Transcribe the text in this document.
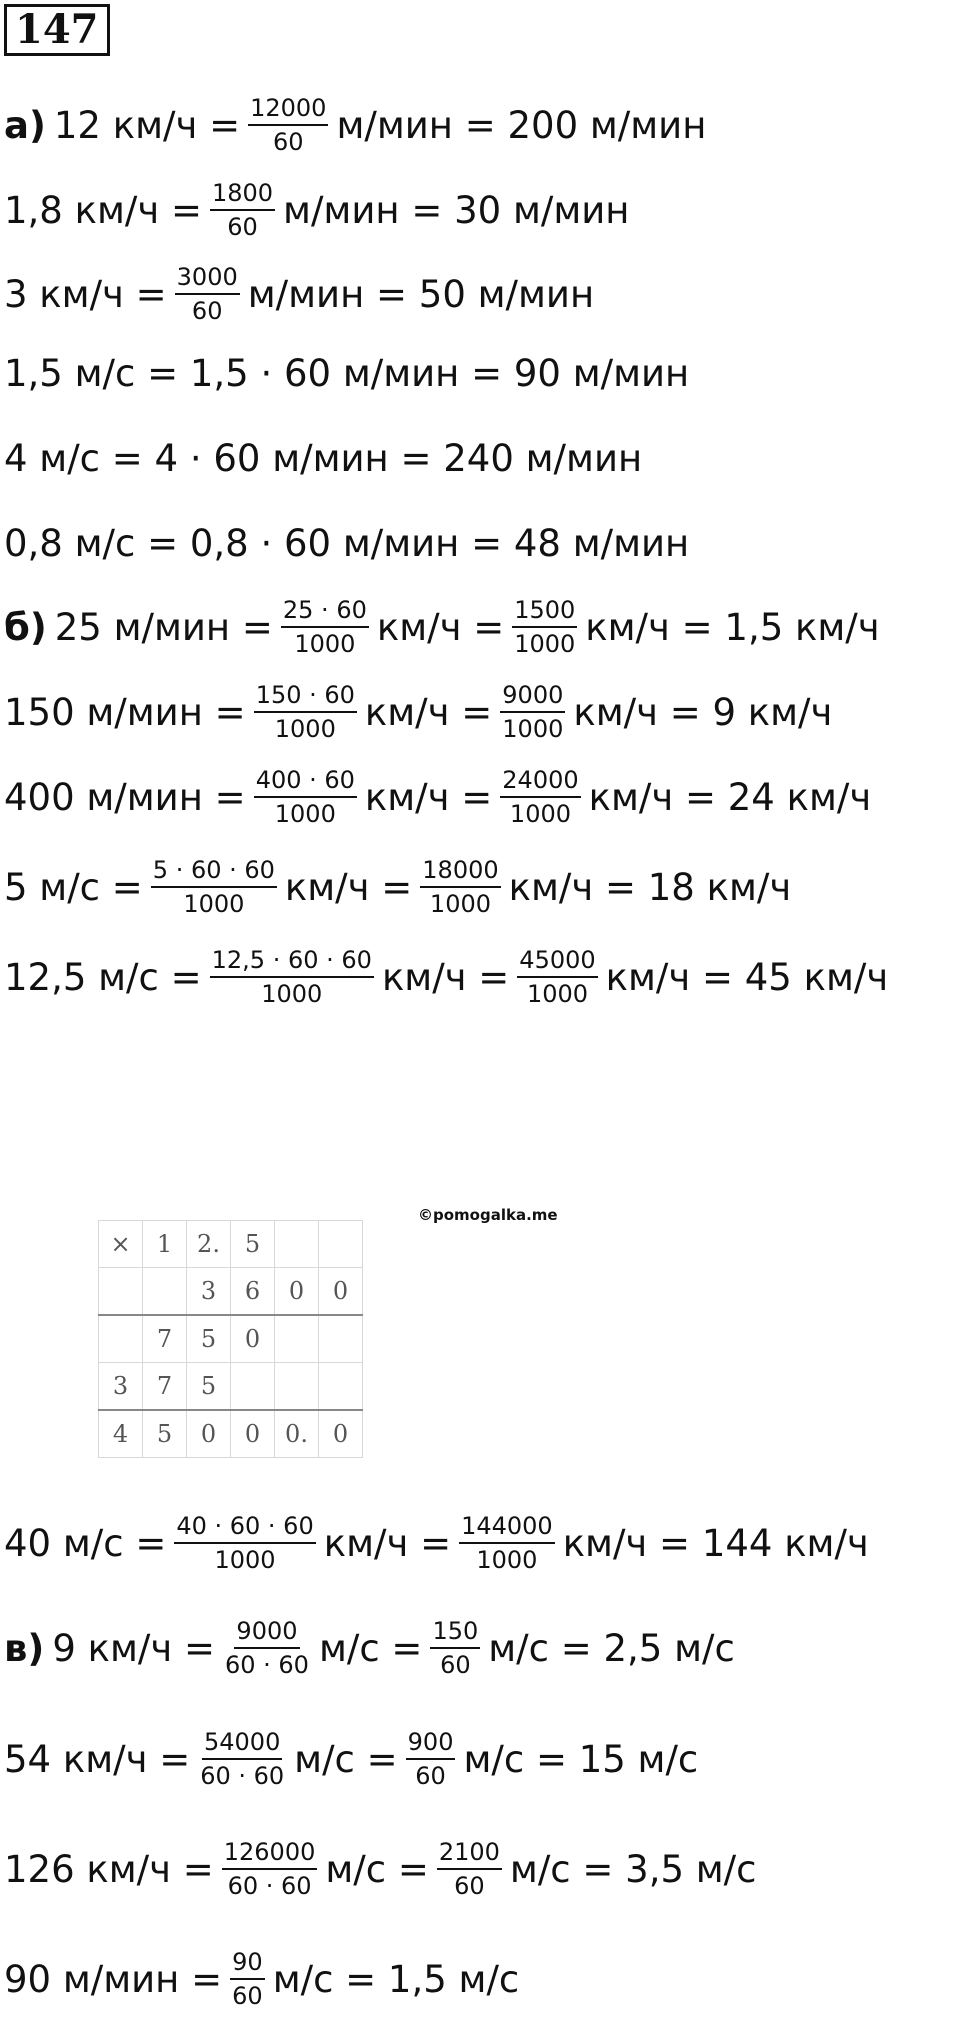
147
а) 12 $км/ч = \frac{12000}{60} м/мин = 200$ м/мин
1,8 $км/ч = \frac{1800}{60} м/мин = 30$ м/мин
3 $км/ч = \frac{3000}{60} м/мин = 50$ м/мин
1,5 м/с = 1,5 · 60 м/мин = 90 м/мин
4 м/с = 4 · 60 м/мин = 240 м/мин
0,8 м/с = 0,8 · 60 м/мин = 48 м/мин
б) 25 $м/мин = \frac{25 \cdot 60}{1000} км/ч = \frac{1500}{1000} км/ч = 1,5$ км/ч
150 $м/мин = \frac{150 \cdot 60}{1000} км/ч = \frac{9000}{1000} км/ч = 9$ км/ч
400 $м/мин = \frac{400 \cdot 60}{1000} км/ч = \frac{24000}{1000} км/ч = 24$ км/ч
5 $м/с = \frac{5 \cdot 60 \cdot 60}{1000} км/ч = \frac{18000}{1000} км/ч = 18$ км/ч
12,5 $м/с = \frac{12,5 \cdot 60 \cdot 60}{1000} км/ч = \frac{45000}{1000} км/ч = 45$ км/ч
©pomogalka.me
×	1	2.	5		
		3	6	0	0
	7	5	0		
3	7	5			
4	5	0	0	0.	0
40 $м/с = \frac{40 \cdot 60 \cdot 60}{1000} км/ч = \frac{144000}{1000} км/ч = 144$ км/ч
в) 9 $км/ч = \frac{9000}{60 \cdot 60} м/с = \frac{150}{60} м/с = 2,5$ м/с
54 $км/ч = \frac{54000}{60 \cdot 60} м/с = \frac{900}{60} м/с = 15$ м/с
126 $км/ч = \frac{126000}{60 \cdot 60} м/с = \frac{2100}{60} м/с = 3,5$ м/с
90 $м/мин = \frac{90}{60} м/с = 1,5$ м/с
